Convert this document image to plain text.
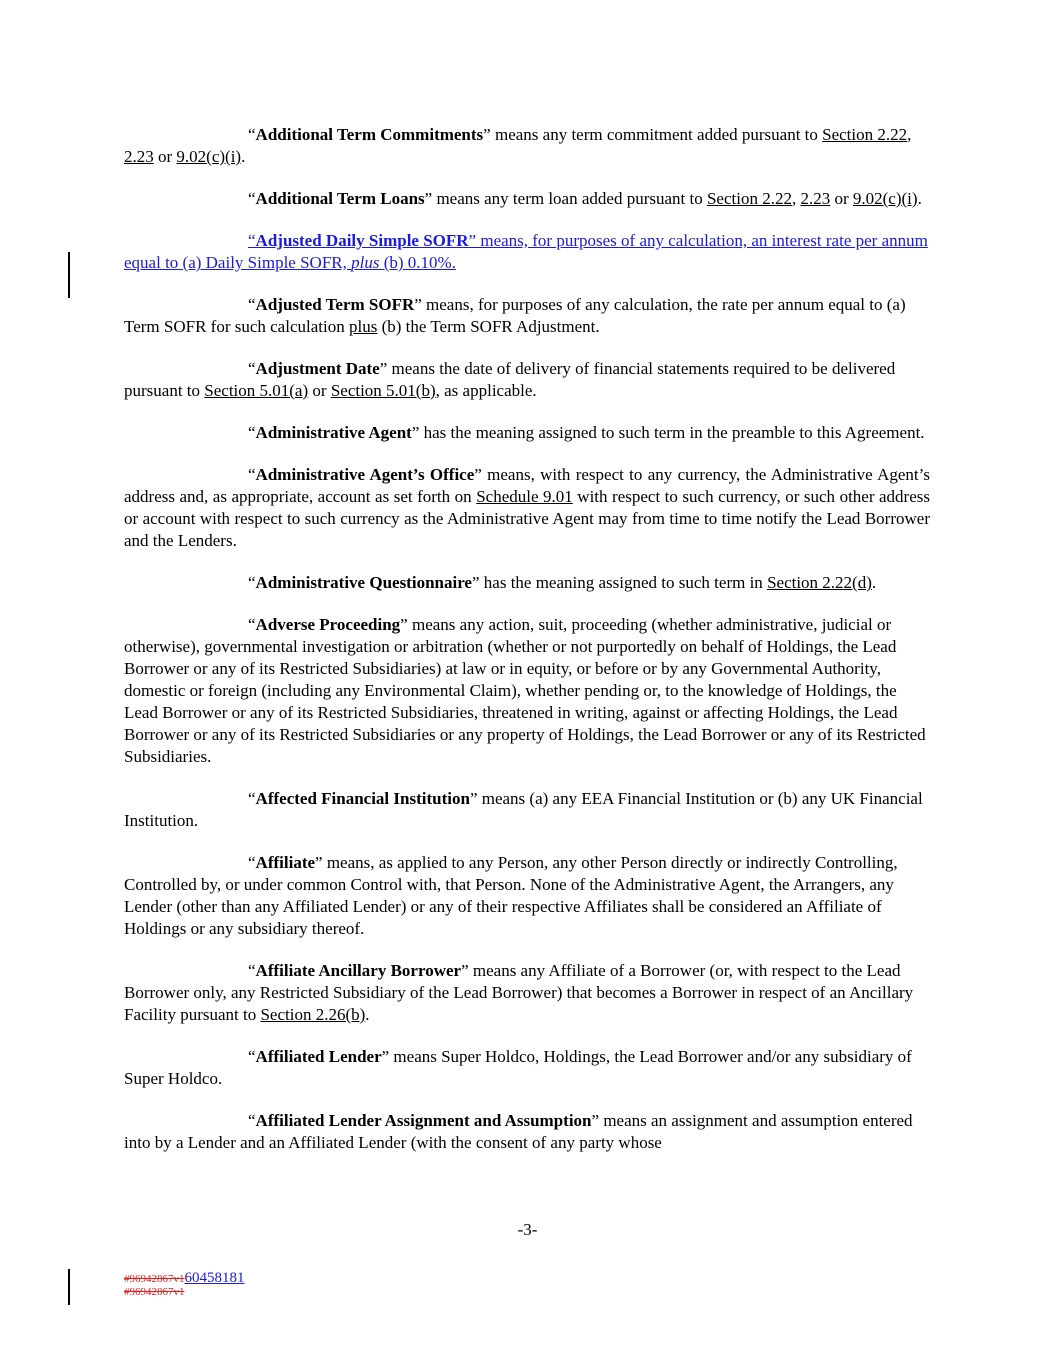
“Additional Term Commitments” means any term commitment added pursuant to Section 2.22, 2.23 or 9.02(c)(i).

“Additional Term Loans” means any term loan added pursuant to Section 2.22, 2.23 or 9.02(c)(i).

“Adjusted Daily Simple SOFR” means, for purposes of any calculation, an interest rate per annum equal to (a) Daily Simple SOFR, plus (b) 0.10%.

“Adjusted Term SOFR” means, for purposes of any calculation, the rate per annum equal to (a) Term SOFR for such calculation plus (b) the Term SOFR Adjustment.

“Adjustment Date” means the date of delivery of financial statements required to be delivered pursuant to Section 5.01(a) or Section 5.01(b), as applicable.

“Administrative Agent” has the meaning assigned to such term in the preamble to this Agreement.

“Administrative Agent’s Office” means, with respect to any currency, the Administrative Agent’s address and, as appropriate, account as set forth on Schedule 9.01 with respect to such currency, or such other address or account with respect to such currency as the Administrative Agent may from time to time notify the Lead Borrower and the Lenders.

“Administrative Questionnaire” has the meaning assigned to such term in Section 2.22(d).

“Adverse Proceeding” means any action, suit, proceeding (whether administrative, judicial or otherwise), governmental investigation or arbitration (whether or not purportedly on behalf of Holdings, the Lead Borrower or any of its Restricted Subsidiaries) at law or in equity, or before or by any Governmental Authority, domestic or foreign (including any Environmental Claim), whether pending or, to the knowledge of Holdings, the Lead Borrower or any of its Restricted Subsidiaries, threatened in writing, against or affecting Holdings, the Lead Borrower or any of its Restricted Subsidiaries or any property of Holdings, the Lead Borrower or any of its Restricted Subsidiaries.

“Affected Financial Institution” means (a) any EEA Financial Institution or (b) any UK Financial Institution.

“Affiliate” means, as applied to any Person, any other Person directly or indirectly Controlling, Controlled by, or under common Control with, that Person. None of the Administrative Agent, the Arrangers, any Lender (other than any Affiliated Lender) or any of their respective Affiliates shall be considered an Affiliate of Holdings or any subsidiary thereof.

“Affiliate Ancillary Borrower” means any Affiliate of a Borrower (or, with respect to the Lead Borrower only, any Restricted Subsidiary of the Lead Borrower) that becomes a Borrower in respect of an Ancillary Facility pursuant to Section 2.26(b).

“Affiliated Lender” means Super Holdco, Holdings, the Lead Borrower and/or any subsidiary of Super Holdco.

“Affiliated Lender Assignment and Assumption” means an assignment and assumption entered into by a Lender and an Affiliated Lender (with the consent of any party whose

-3-
#96942867v160458181
#96942867v1
